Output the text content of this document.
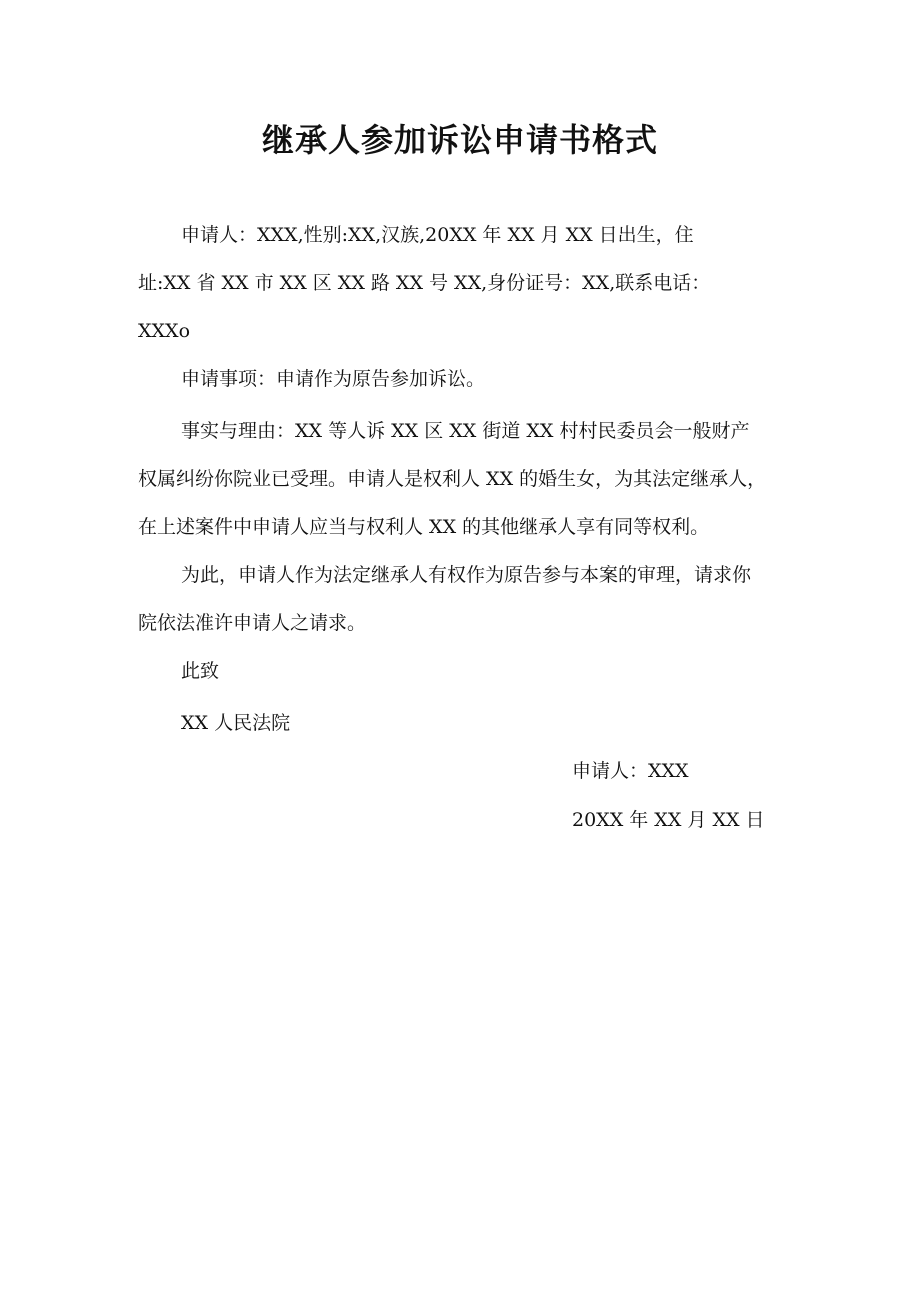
继承人参加诉讼申请书格式
申请人：XXX,性别:XX,汉族,20XX 年 XX 月 XX 日出生，住
址:XX 省 XX 市 XX 区 XX 路 XX 号 XX,身份证号：XX,联系电话：
XXXo
申请事项：申请作为原告参加诉讼。
事实与理由：XX 等人诉 XX 区 XX 街道 XX 村村民委员会一般财产
权属纠纷你院业已受理。申请人是权利人 XX 的婚生女，为其法定继承人，
在上述案件中申请人应当与权利人 XX 的其他继承人享有同等权利。
为此，申请人作为法定继承人有权作为原告参与本案的审理，请求你
院依法准许申请人之请求。
此致
XX 人民法院
申请人：XXX
20XX 年 XX 月 XX 日
